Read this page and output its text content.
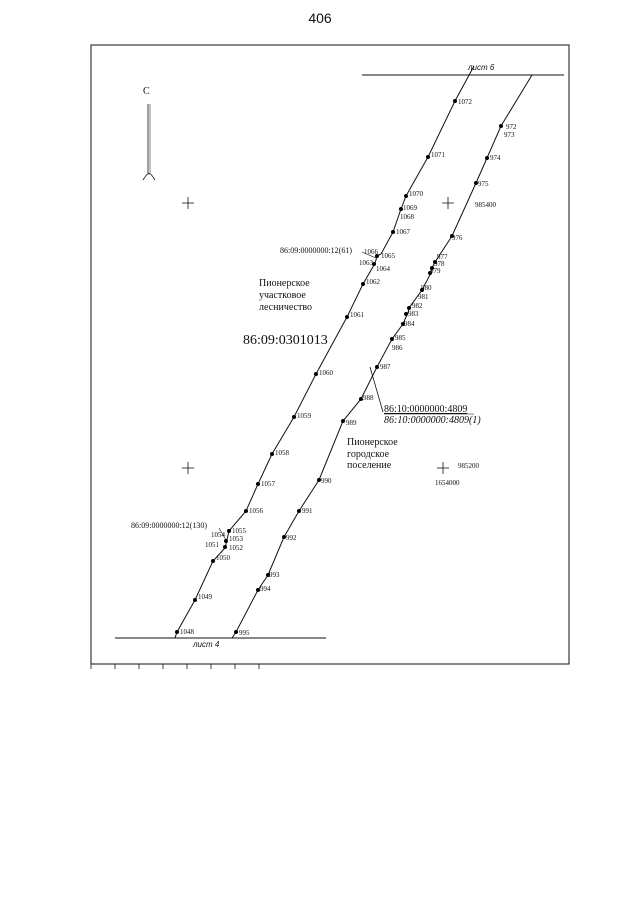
406
С
лист 6
лист 4
985400
985200
1654000
1048
1049
1050
1051 1052
1053
1054 1055
1056
1057
1058
1059
1060
1061
1062
1063
1064
1065
1066
1067
1068
1069
1070
1071
1072
972
973
974
975
976
977
978
979
980
981
982
983
984
985
986
987
988
989
990
991
992
993
994
995
86:09:0000000:12(61)
86:09:0000000:12(130)
Пионерское
участковое
лесничество
86:09:0301013
86:10:0000000:4809
86:10:0000000:4809(1)
Пионерское
городское
поселение
